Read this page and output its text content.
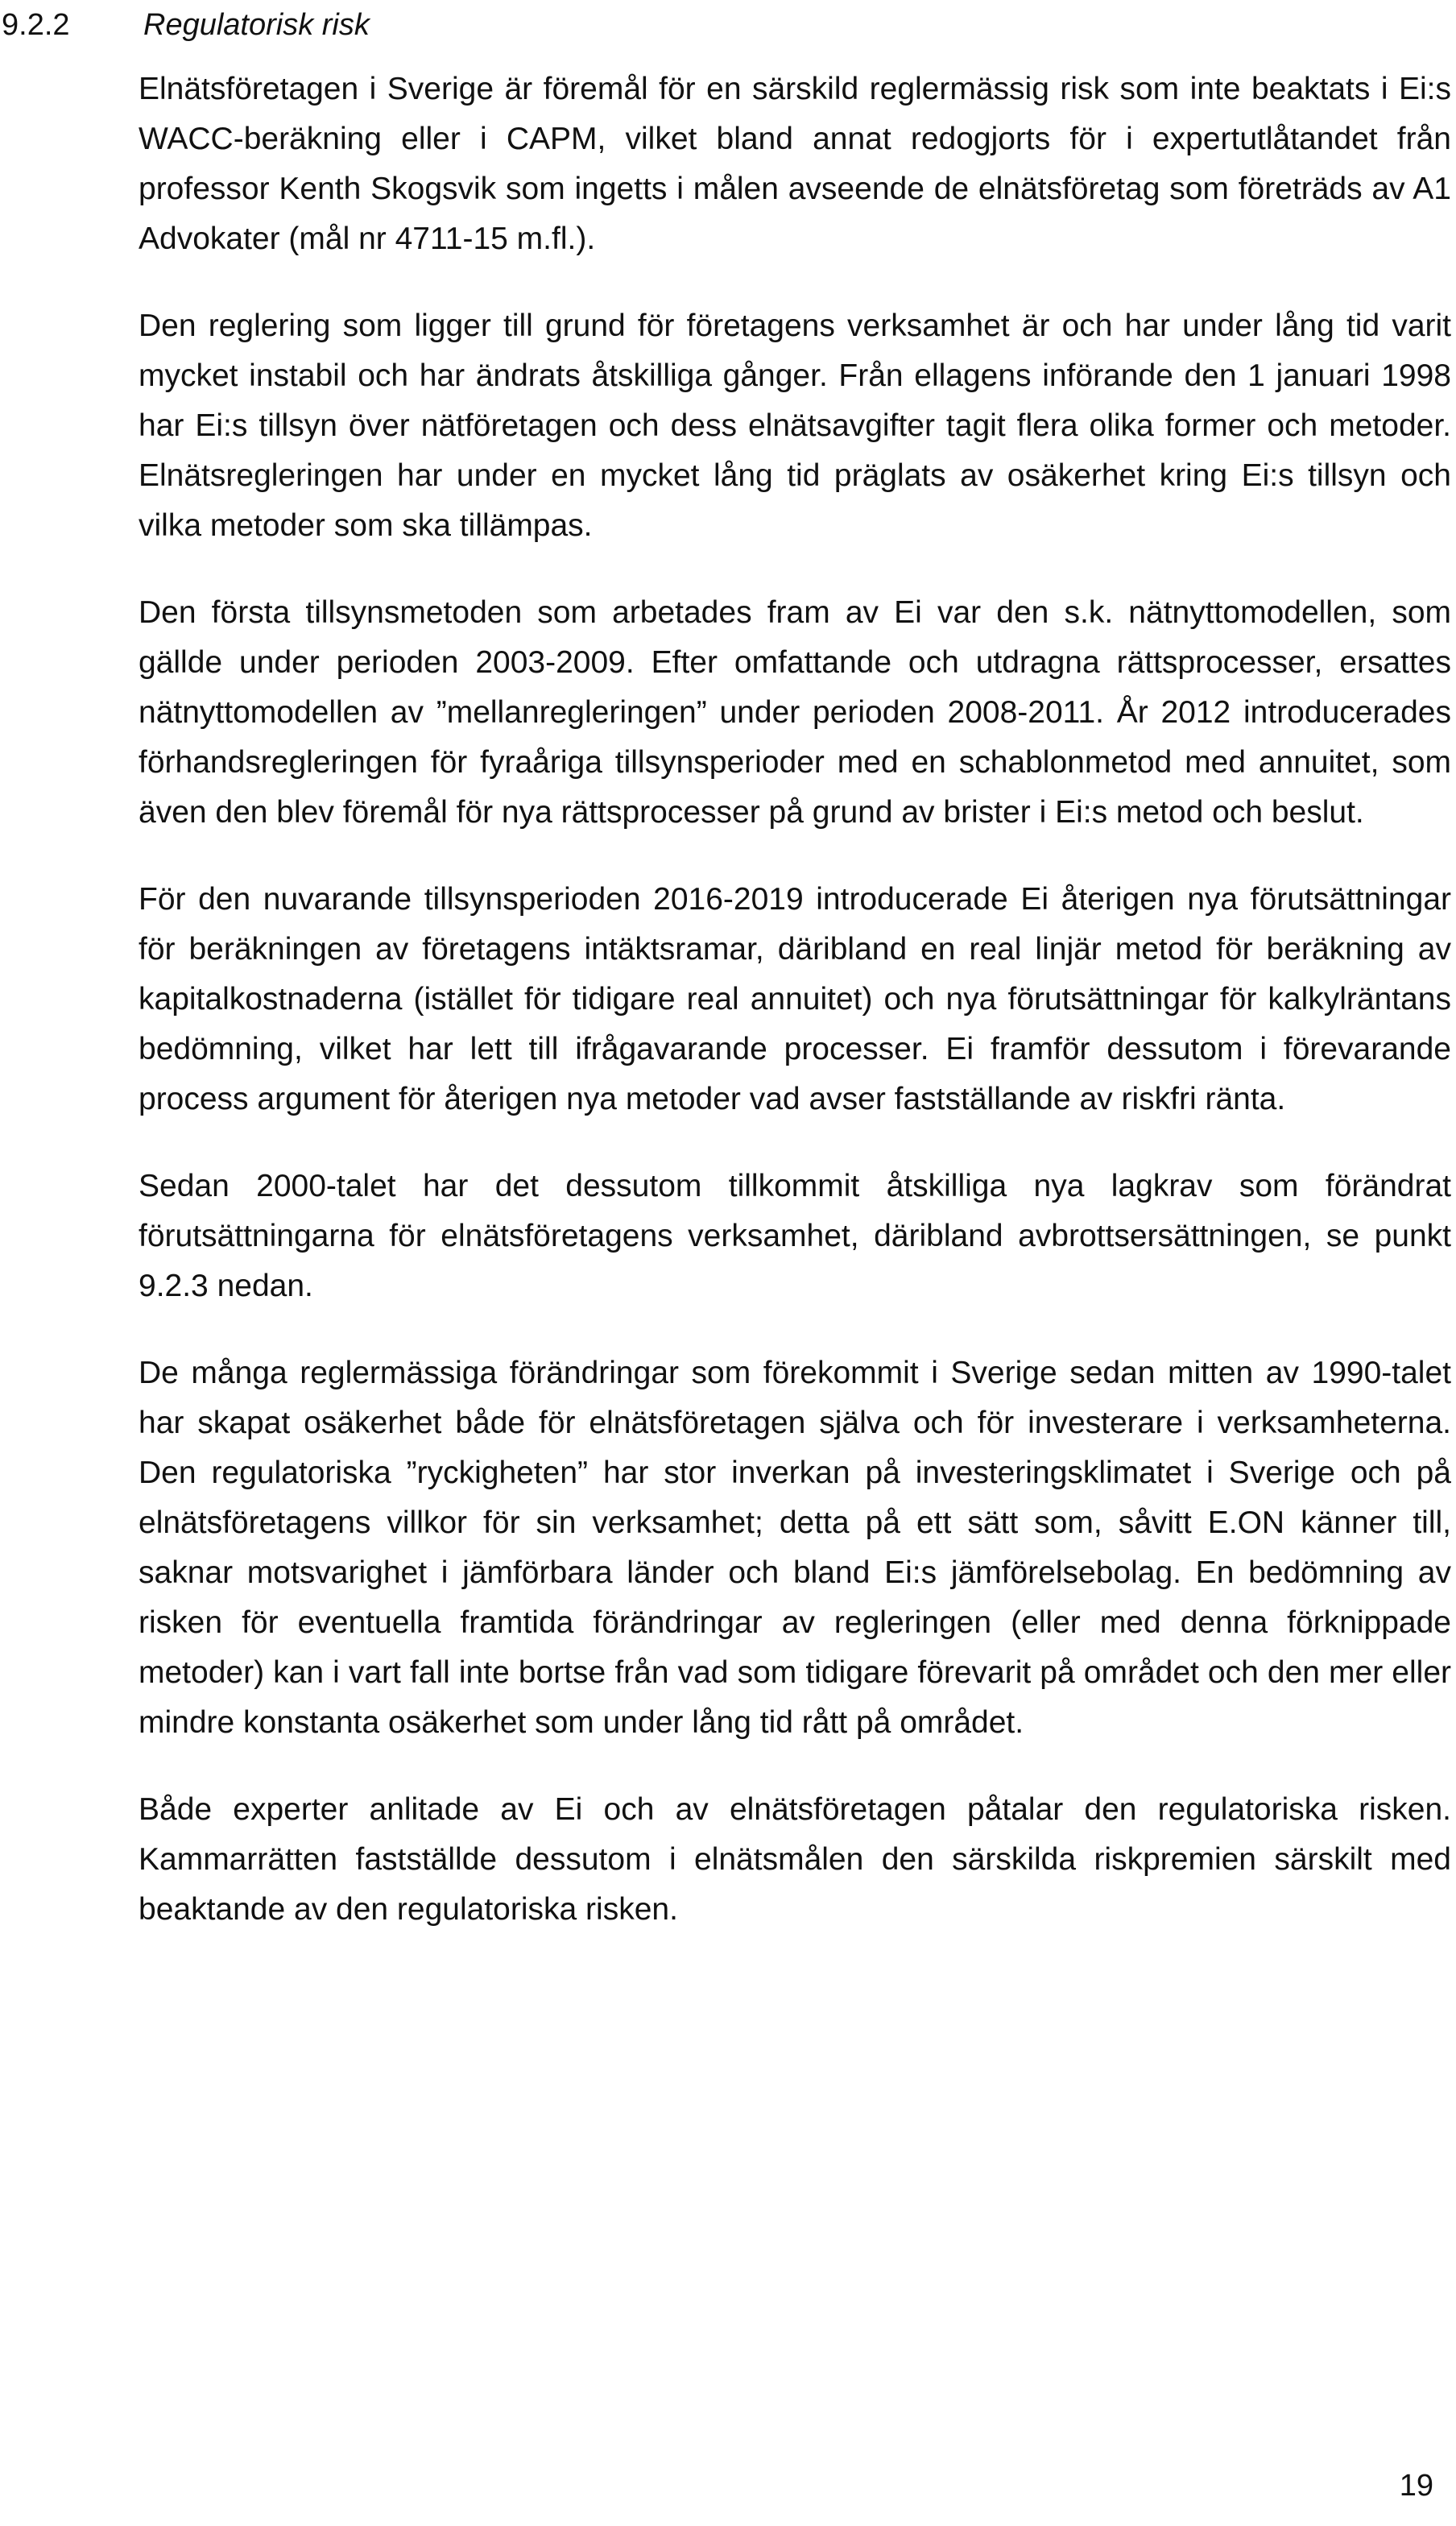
9.2.2 Regulatorisk risk

Elnätsföretagen i Sverige är föremål för en särskild reglermässig risk som inte beaktats i Ei:s WACC-beräkning eller i CAPM, vilket bland annat redogjorts för i expertutlåtandet från professor Kenth Skogsvik som ingetts i målen avseende de elnätsföretag som företräds av A1 Advokater (mål nr 4711-15 m.fl.).

Den reglering som ligger till grund för företagens verksamhet är och har under lång tid varit mycket instabil och har ändrats åtskilliga gånger. Från ellagens införande den 1 januari 1998 har Ei:s tillsyn över nätföretagen och dess elnätsavgifter tagit flera olika former och metoder. Elnätsregleringen har under en mycket lång tid präglats av osäkerhet kring Ei:s tillsyn och vilka metoder som ska tillämpas.

Den första tillsynsmetoden som arbetades fram av Ei var den s.k. nätnyttomodellen, som gällde under perioden 2003-2009. Efter omfattande och utdragna rättsprocesser, ersattes nätnyttomodellen av ”mellanregleringen” under perioden 2008-2011. År 2012 introducerades förhandsregleringen för fyraåriga tillsynsperioder med en schablonmetod med annuitet, som även den blev föremål för nya rättsprocesser på grund av brister i Ei:s metod och beslut.

För den nuvarande tillsynsperioden 2016-2019 introducerade Ei återigen nya förutsättningar för beräkningen av företagens intäktsramar, däribland en real linjär metod för beräkning av kapitalkostnaderna (istället för tidigare real annuitet) och nya förutsättningar för kalkylräntans bedömning, vilket har lett till ifrågavarande processer. Ei framför dessutom i förevarande process argument för återigen nya metoder vad avser fastställande av riskfri ränta.

Sedan 2000-talet har det dessutom tillkommit åtskilliga nya lagkrav som förändrat förutsättningarna för elnätsföretagens verksamhet, däribland avbrottsersättningen, se punkt 9.2.3 nedan.

De många reglermässiga förändringar som förekommit i Sverige sedan mitten av 1990-talet har skapat osäkerhet både för elnätsföretagen själva och för investerare i verksamheterna. Den regulatoriska ”ryckigheten” har stor inverkan på investeringsklimatet i Sverige och på elnätsföretagens villkor för sin verksamhet; detta på ett sätt som, såvitt E.ON känner till, saknar motsvarighet i jämförbara länder och bland Ei:s jämförelsebolag. En bedömning av risken för eventuella framtida förändringar av regleringen (eller med denna förknippade metoder) kan i vart fall inte bortse från vad som tidigare förevarit på området och den mer eller mindre konstanta osäkerhet som under lång tid rått på området.

Både experter anlitade av Ei och av elnätsföretagen påtalar den regulatoriska risken. Kammarrätten fastställde dessutom i elnätsmålen den särskilda riskpremien särskilt med beaktande av den regulatoriska risken.

19
